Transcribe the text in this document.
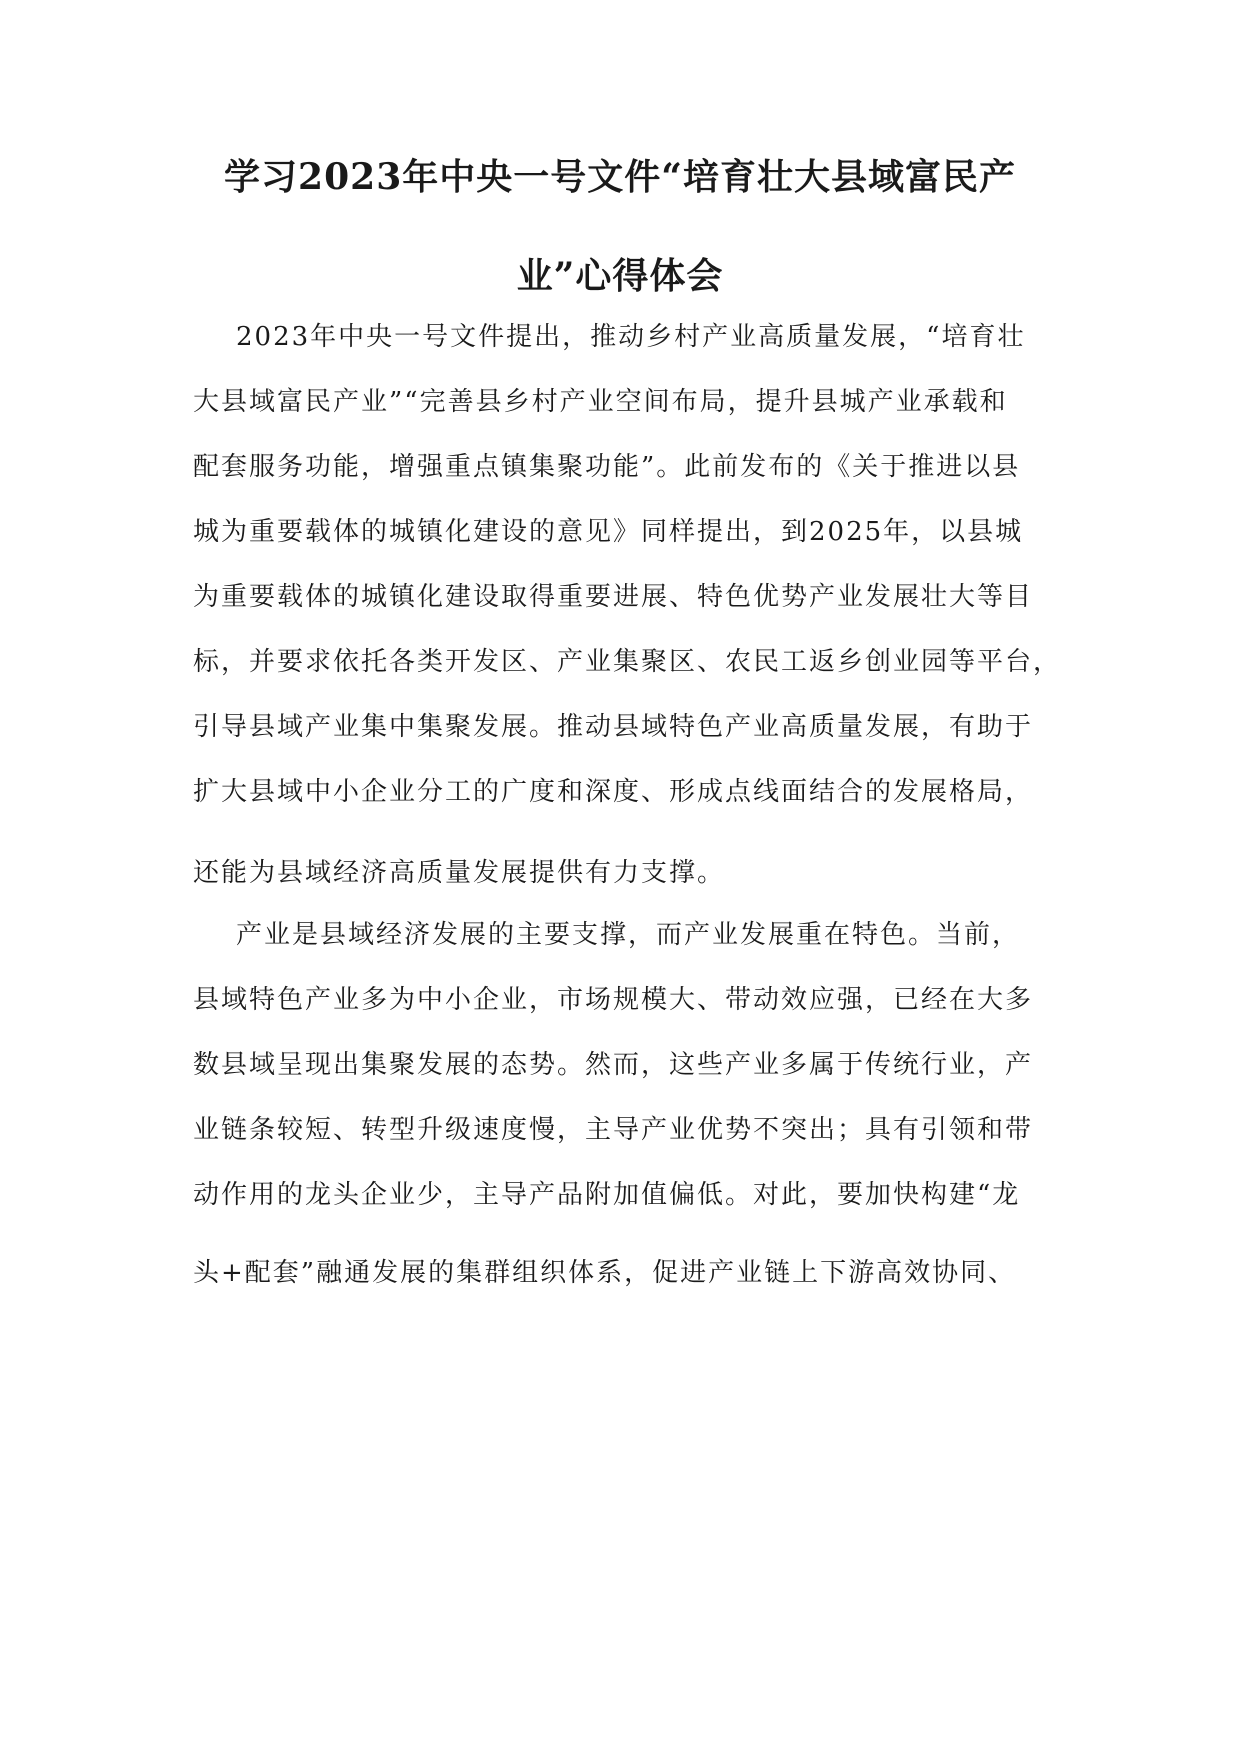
学习2023年中央一号文件“培育壮大县域富民产
业”心得体会
2023年中央一号文件提出，推动乡村产业高质量发展，“培育壮
大县域富民产业”“完善县乡村产业空间布局，提升县城产业承载和
配套服务功能，增强重点镇集聚功能”。此前发布的《关于推进以县
城为重要载体的城镇化建设的意见》同样提出，到2025年，以县城
为重要载体的城镇化建设取得重要进展、特色优势产业发展壮大等目
标，并要求依托各类开发区、产业集聚区、农民工返乡创业园等平台，
引导县域产业集中集聚发展。推动县域特色产业高质量发展，有助于
扩大县域中小企业分工的广度和深度、形成点线面结合的发展格局，
还能为县域经济高质量发展提供有力支撑。
产业是县域经济发展的主要支撑，而产业发展重在特色。当前，
县域特色产业多为中小企业，市场规模大、带动效应强，已经在大多
数县域呈现出集聚发展的态势。然而，这些产业多属于传统行业，产
业链条较短、转型升级速度慢，主导产业优势不突出；具有引领和带
动作用的龙头企业少，主导产品附加值偏低。对此，要加快构建“龙
头+配套”融通发展的集群组织体系，促进产业链上下游高效协同、
